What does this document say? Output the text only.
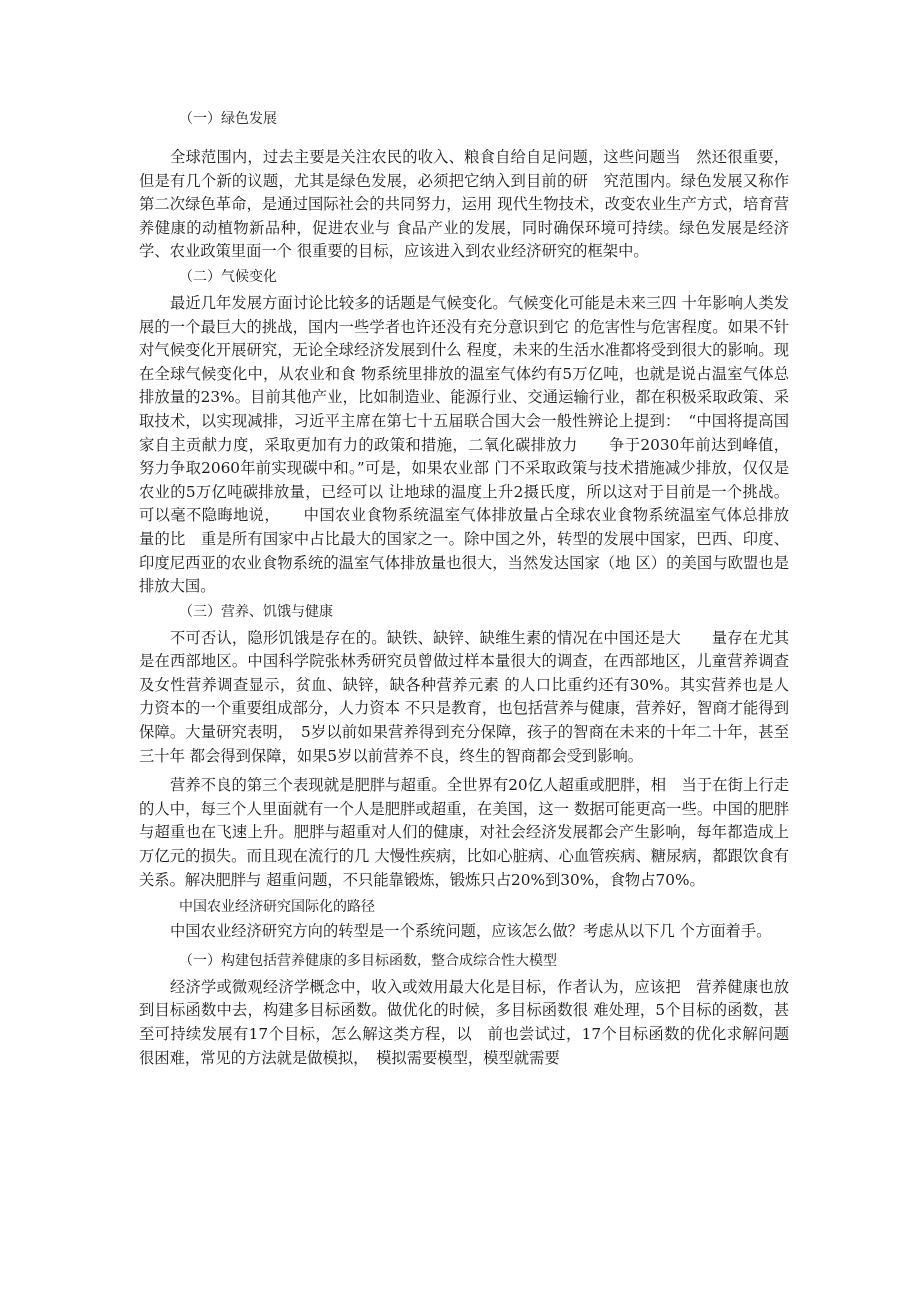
（一）绿色发展

全球范围内，过去主要是关注农民的收入、粮食自给自足问题，这些问题当　然还很重要，但是有几个新的议题，尤其是绿色发展，必须把它纳入到目前的研　究范围内。绿色发展又称作第二次绿色革命，是通过国际社会的共同努力，运用 现代生物技术，改变农业生产方式，培育营养健康的动植物新品种，促进农业与 食品产业的发展，同时确保环境可持续。绿色发展是经济学、农业政策里面一个 很重要的目标，应该进入到农业经济研究的框架中。

（二）气候变化

最近几年发展方面讨论比较多的话题是气候变化。气候变化可能是未来三四 十年影响人类发展的一个最巨大的挑战，国内一些学者也许还没有充分意识到它 的危害性与危害程度。如果不针对气候变化开展研究，无论全球经济发展到什么 程度，未来的生活水准都将受到很大的影响。现在全球气候变化中，从农业和食 物系统里排放的温室气体约有5万亿吨，也就是说占温室气体总排放量的23%。目前其他产业，比如制造业、能源行业、交通运输行业，都在积极采取政策、采 取技术，以实现减排，习近平主席在第七十五届联合国大会一般性辨论上提到：　“中国将提高国家自主贡献力度，采取更加有力的政策和措施，二氧化碳排放力　　争于2030年前达到峰值，努力争取2060年前实现碳中和。”可是，如果农业部 门不采取政策与技术措施减少排放，仅仅是农业的5万亿吨碳排放量，已经可以 让地球的温度上升2摄氏度，所以这对于目前是一个挑战。可以毫不隐晦地说，　　中国农业食物系统温室气体排放量占全球农业食物系统温室气体总排放量的比　重是所有国家中占比最大的国家之一。除中国之外，转型的发展中国家，巴西、印度、印度尼西亚的农业食物系统的温室气体排放量也很大，当然发达国家（地 区）的美国与欧盟也是排放大国。

（三）营养、饥饿与健康

不可否认，隐形饥饿是存在的。缺铁、缺锌、缺维生素的情况在中国还是大　　量存在尤其是在西部地区。中国科学院张林秀研究员曾做过样本量很大的调查，在西部地区，儿童营养调查及女性营养调查显示，贫血、缺锌，缺各种营养元素 的人口比重约还有30%。其实营养也是人力资本的一个重要组成部分，人力资本 不只是教育，也包括营养与健康，营养好，智商才能得到保障。大量研究表明，　5岁以前如果营养得到充分保障，孩子的智商在未来的十年二十年，甚至三十年 都会得到保障，如果5岁以前营养不良，终生的智商都会受到影响。

营养不良的第三个表现就是肥胖与超重。全世界有20亿人超重或肥胖，相　当于在街上行走的人中，每三个人里面就有一个人是肥胖或超重，在美国，这一 数据可能更高一些。中国的肥胖与超重也在飞速上升。肥胖与超重对人们的健康，对社会经济发展都会产生影响，每年都造成上万亿元的损失。而且现在流行的几 大慢性疾病，比如心脏病、心血管疾病、糖尿病，都跟饮食有关系。解决肥胖与 超重问题，不只能靠锻炼，锻炼只占20%到30%，食物占70%。

中国农业经济研究国际化的路径

中国农业经济研究方向的转型是一个系统问题，应该怎么做？考虑从以下几 个方面着手。

（一）构建包括营养健康的多目标函数，整合成综合性大模型

经济学或微观经济学概念中，收入或效用最大化是目标，作者认为，应该把　营养健康也放到目标函数中去，构建多目标函数。做优化的时候，多目标函数很 难处理，5个目标的函数，甚至可持续发展有17个目标，怎么解这类方程，以　前也尝试过，17个目标函数的优化求解问题很困难，常见的方法就是做模拟，　模拟需要模型，模型就需要
